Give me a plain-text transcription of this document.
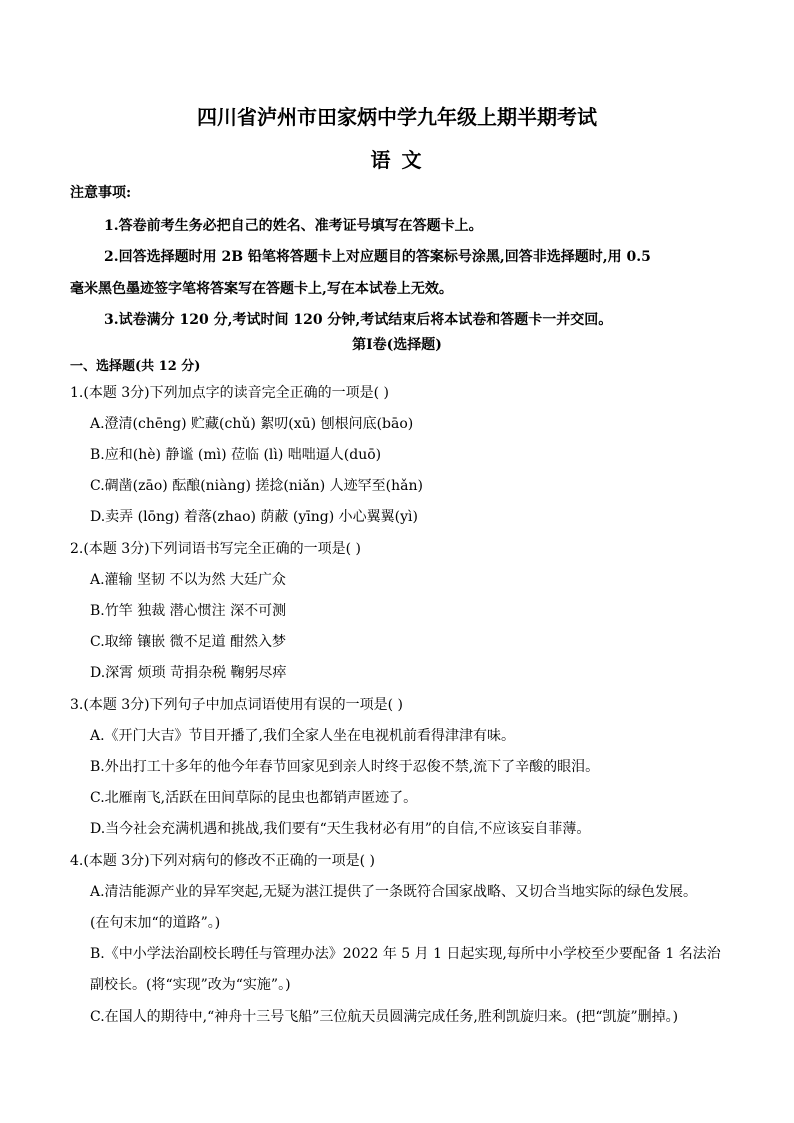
四川省泸州市田家炳中学九年级上期半期考试
语 文
注意事项:
1.答卷前考生务必把自己的姓名、准考证号填写在答题卡上。
2.回答选择题时用 2B 铅笔将答题卡上对应题目的答案标号涂黑,回答非选择题时,用 0.5
毫米黑色墨迹签字笔将答案写在答题卡上,写在本试卷上无效。
3.试卷满分 120 分,考试时间 120 分钟,考试结束后将本试卷和答题卡一并交回。
第Ⅰ卷(选择题)
一、选择题(共 12 分)
1.(本题 3分)下列加点字的读音完全正确的一项是( )
A.澄清(chēng) 贮藏(chǔ) 絮叨(xū) 刨根问底(bāo)
B.应和(hè) 静谧 (mì) 莅临 (lì) 咄咄逼人(duō)
C.碉凿(zāo) 酝酿(niàng) 搓捻(niǎn) 人迹罕至(hǎn)
D.卖弄 (lōng) 着落(zhao) 荫蔽 (yīng) 小心翼翼(yì)
2.(本题 3分)下列词语书写完全正确的一项是( )
A.灌输 坚韧 不以为然 大廷广众
B.竹竿 独裁 潜心惯注 深不可测
C.取缔 镶嵌 微不足道 酣然入梦
D.深霄 烦琐 苛捐杂税 鞠躬尽瘁
3.(本题 3分)下列句子中加点词语使用有误的一项是( )
A.《开门大吉》节目开播了,我们全家人坐在电视机前看得津津有味。
B.外出打工十多年的他今年春节回家见到亲人时终于忍俊不禁,流下了辛酸的眼泪。
C.北雁南飞,活跃在田间草际的昆虫也都销声匿迹了。
D.当今社会充满机遇和挑战,我们要有“天生我材必有用”的自信,不应该妄自菲薄。
4.(本题 3分)下列对病句的修改不正确的一项是( )
A.清洁能源产业的异军突起,无疑为湛江提供了一条既符合国家战略、又切合当地实际的绿色发展。
(在句末加“的道路”。)
B.《中小学法治副校长聘任与管理办法》2022 年 5 月 1 日起实现,每所中小学校至少要配备 1 名法治
副校长。(将“实现”改为“实施”。)
C.在国人的期待中,“神舟十三号飞船”三位航天员圆满完成任务,胜利凯旋归来。(把“凯旋”删掉。)
